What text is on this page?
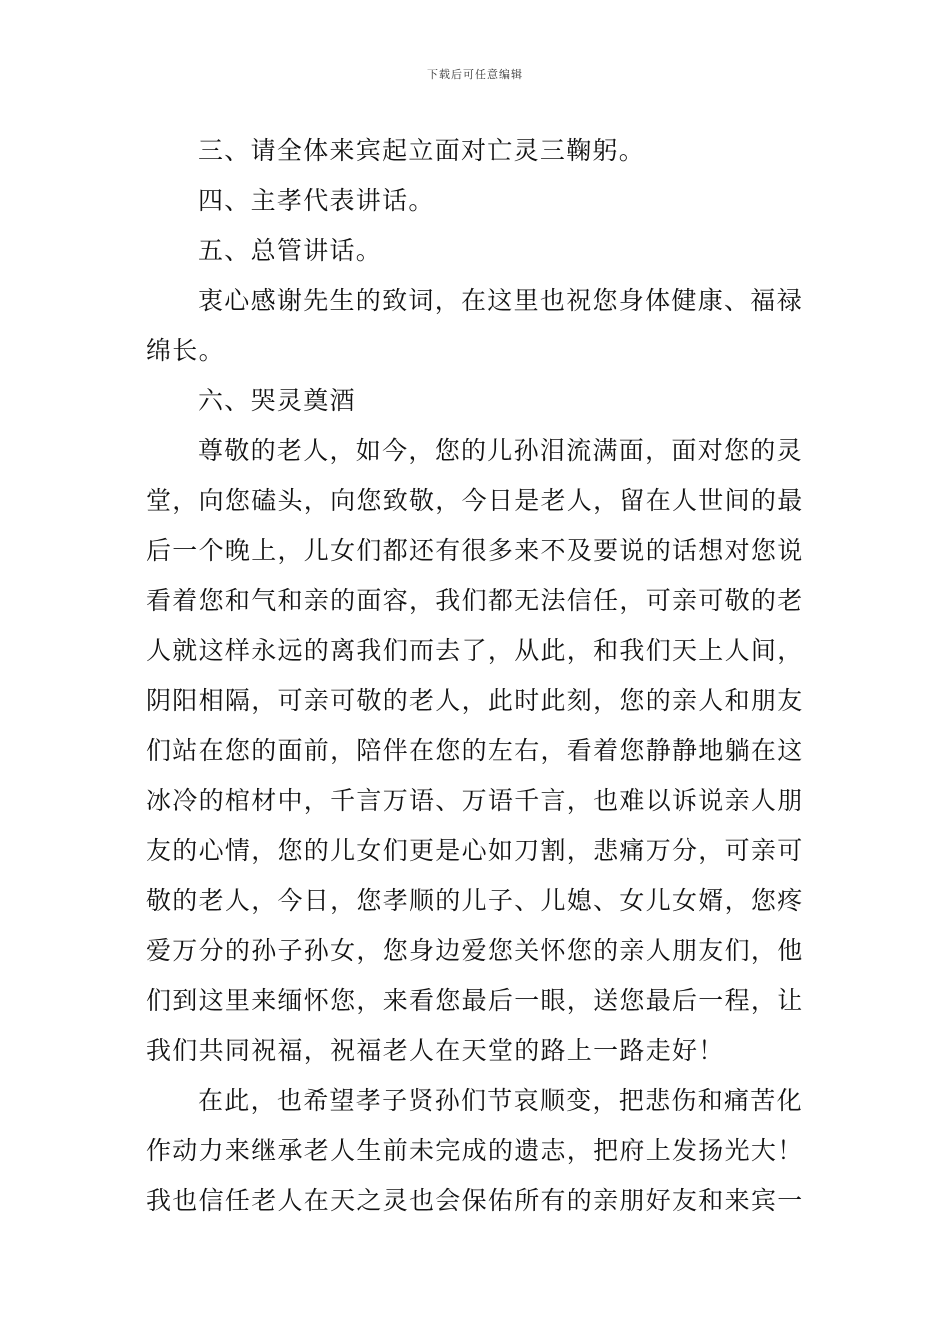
下载后可任意编辑
三、请全体来宾起立面对亡灵三鞠躬。
四、主孝代表讲话。
五、总管讲话。
衷心感谢先生的致词，在这里也祝您身体健康、福禄
绵长。
六、哭灵奠酒
尊敬的老人，如今，您的儿孙泪流满面，面对您的灵
堂，向您磕头，向您致敬，今日是老人，留在人世间的最
后一个晚上，儿女们都还有很多来不及要说的话想对您说
看着您和气和亲的面容，我们都无法信任，可亲可敬的老
人就这样永远的离我们而去了，从此，和我们天上人间，
阴阳相隔，可亲可敬的老人，此时此刻，您的亲人和朋友
们站在您的面前，陪伴在您的左右，看着您静静地躺在这
冰冷的棺材中，千言万语、万语千言，也难以诉说亲人朋
友的心情，您的儿女们更是心如刀割，悲痛万分，可亲可
敬的老人，今日，您孝顺的儿子、儿媳、女儿女婿，您疼
爱万分的孙子孙女，您身边爱您关怀您的亲人朋友们，他
们到这里来缅怀您，来看您最后一眼，送您最后一程，让
我们共同祝福，祝福老人在天堂的路上一路走好！
在此，也希望孝子贤孙们节哀顺变，把悲伤和痛苦化
作动力来继承老人生前未完成的遗志，把府上发扬光大！
我也信任老人在天之灵也会保佑所有的亲朋好友和来宾一
